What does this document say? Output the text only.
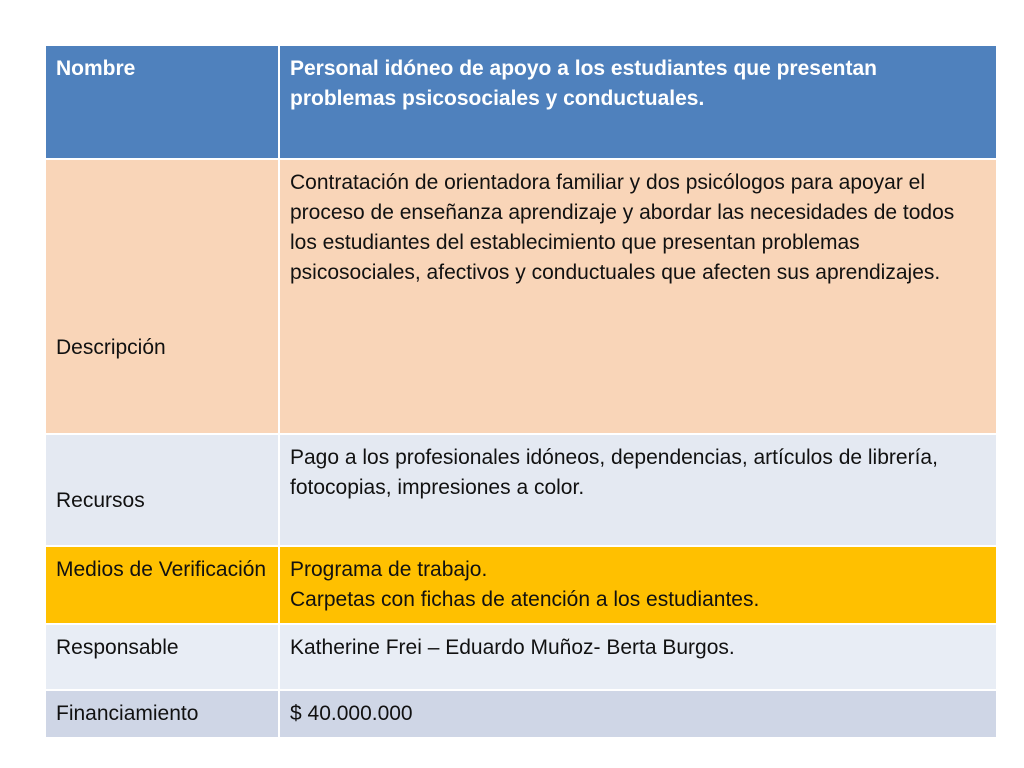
Nombre	Personal idóneo de apoyo a los estudiantes que presentan problemas psicosociales y conductuales.
Descripción	Contratación de orientadora familiar y dos psicólogos para apoyar el proceso de enseñanza aprendizaje y abordar las necesidades de todos los estudiantes del establecimiento que presentan problemas psicosociales, afectivos y conductuales que afecten sus aprendizajes.
Recursos	Pago a los profesionales idóneos, dependencias, artículos de librería, fotocopias, impresiones a color.
Medios de Verificación	Programa de trabajo.
Carpetas con fichas de atención a los estudiantes.

Responsable	Katherine Frei – Eduardo Muñoz- Berta Burgos.
Financiamiento	$ 40.000.000
